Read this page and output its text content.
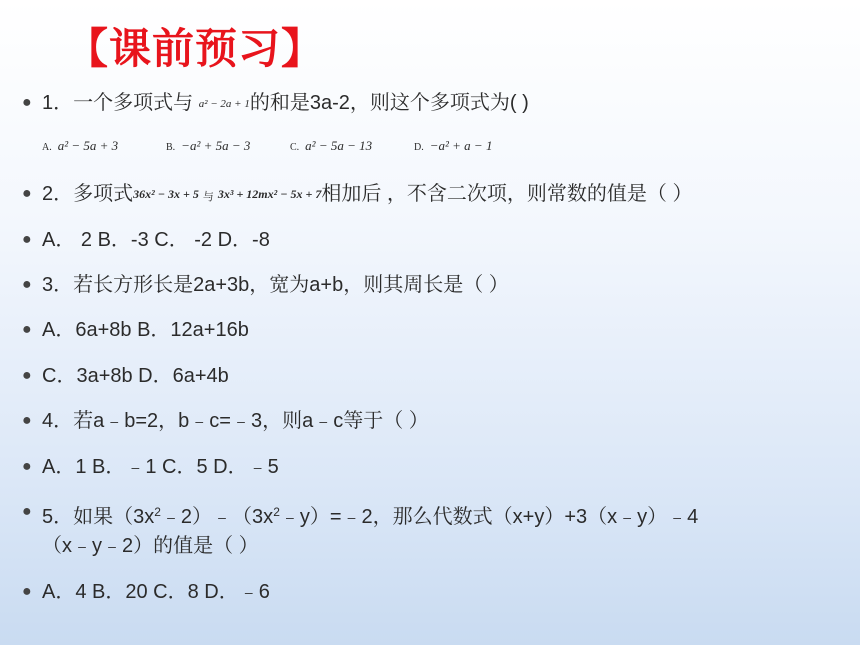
【课前预习】
● 1．一个多项式与 a² − 2a + 1的和是3a-2，则这个多项式为( )
A. a² − 5a + 3	B. −a² + 5a − 3	C. a² − 5a − 13	D. −a² + a − 1
● 2．多项式36x² − 3x + 5 与 3x³ + 12mx² − 5x + 7相加后 ，不含二次项，则常数的值是（ ）
● A． 2 B．-3 C． -2 D．-8
● 3．若长方形长是2a+3b，宽为a+b，则其周长是（ ）
● A．6a+8b B．12a+16b
● C．3a+8b D．6a+4b
● 4．若a﹣b=2，b﹣c=﹣3，则a﹣c等于（ ）
● A．1 B．﹣1 C．5 D．﹣5
● 5．如果$(3x^2﹣2)﹣(3x^2﹣y)=﹣2$，那么代数式（x+y）+3（x﹣y）﹣4
（x﹣y﹣2）的值是（ ）
● A．4 B．20 C．8 D．﹣6
